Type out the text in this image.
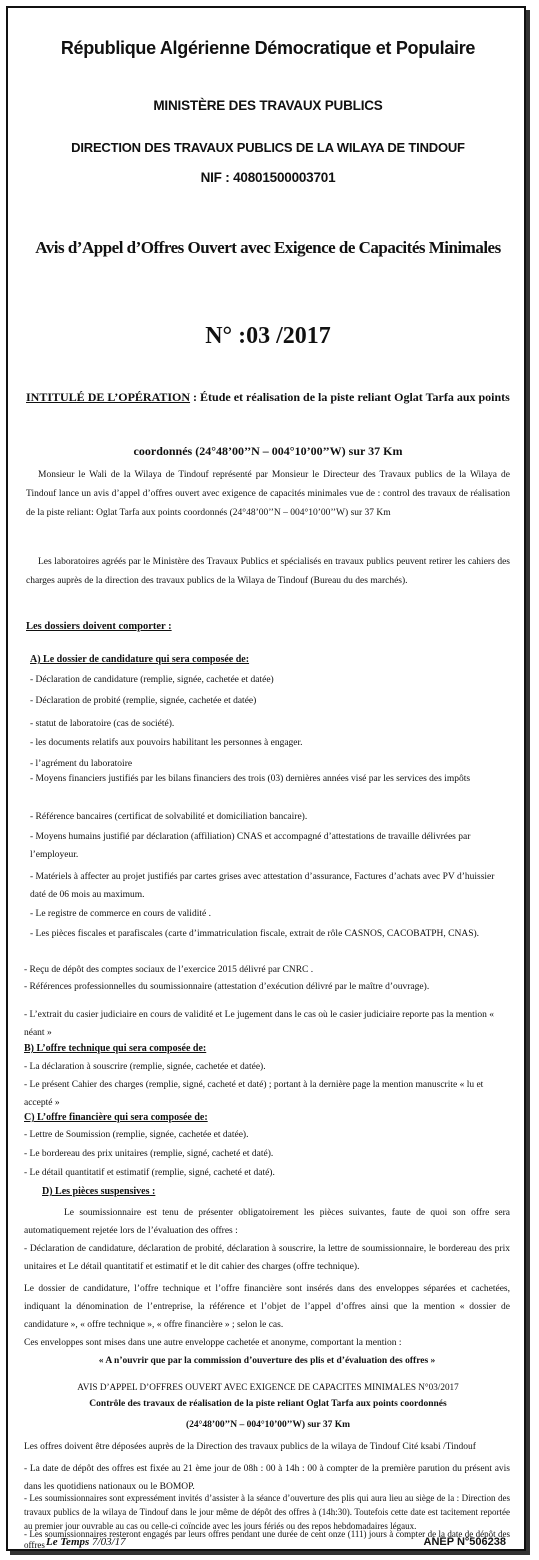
République Algérienne Démocratique et Populaire
MINISTÈRE DES TRAVAUX PUBLICS
DIRECTION DES TRAVAUX PUBLICS DE LA WILAYA DE TINDOUF
NIF : 40801500003701
Avis d’Appel d’Offres Ouvert avec Exigence de Capacités Minimales
N° :03 /2017
INTITULÉ DE L’OPÉRATION : Étude et réalisation de la piste reliant Oglat Tarfa aux points
coordonnés (24°48’00’’N – 004°10’00’’W) sur 37 Km
Monsieur le Wali de la Wilaya de Tindouf représenté par Monsieur le Directeur des Travaux publics de la Wilaya de Tindouf lance un avis d’appel d’offres ouvert avec exigence de capacités minimales vue de : control des travaux de réalisation de la piste reliant: Oglat Tarfa aux points coordonnés (24°48’00’’N – 004°10’00’’W) sur 37 Km
Les laboratoires agréés par le Ministère des Travaux Publics et spécialisés en travaux publics peuvent retirer les cahiers des charges auprès de la direction des travaux publics de la Wilaya de Tindouf (Bureau du des marchés).
Les dossiers doivent comporter :
A) Le dossier de candidature qui sera composée de:
- Déclaration de candidature (remplie, signée, cachetée et datée)
- Déclaration de probité (remplie, signée, cachetée et datée)
- statut de laboratoire (cas de société).
- les documents relatifs aux pouvoirs habilitant les personnes à engager.
- l’agrément du laboratoire
- Moyens financiers justifiés par les bilans financiers des trois (03) dernières années visé par les services des impôts
- Référence bancaires (certificat de solvabilité et domiciliation bancaire).
- Moyens humains justifié par déclaration (affiliation) CNAS et accompagné d’attestations de travaille délivrées par l’employeur.
- Matériels à affecter au projet justifiés par cartes grises avec attestation d’assurance, Factures d’achats avec PV d’huissier daté de 06 mois au maximum.
- Le registre de commerce en cours de validité .
- Les pièces fiscales et parafiscales (carte d’immatriculation fiscale, extrait de rôle CASNOS, CACOBATPH, CNAS).
- Reçu de dépôt des comptes sociaux de l’exercice 2015 délivré par CNRC .
- Références professionnelles du soumissionnaire (attestation d’exécution délivré par le maître d’ouvrage).
- L’extrait du casier judiciaire en cours de validité et Le jugement dans le cas où le casier judiciaire reporte pas la mention « néant »
B) L’offre technique qui sera composée de:
- La déclaration à souscrire (remplie, signée, cachetée et datée).
- Le présent Cahier des charges (remplie, signé, cacheté et daté) ; portant à la dernière page la mention manuscrite « lu et accepté »
C) L’offre financière qui sera composée de:
- Lettre de Soumission (remplie, signée, cachetée et datée).
- Le bordereau des prix unitaires (remplie, signé, cacheté et daté).
- Le détail quantitatif et estimatif (remplie, signé, cacheté et daté).
D) Les pièces suspensives :
Le soumissionnaire est tenu de présenter obligatoirement les pièces suivantes, faute de quoi son offre sera automatiquement rejetée lors de l’évaluation des offres :
- Déclaration de candidature, déclaration de probité, déclaration à souscrire, la lettre de soumissionnaire, le bordereau des prix unitaires et Le détail quantitatif et estimatif et le dit cahier des charges (offre technique).
Le dossier de candidature, l’offre technique et l’offre financière sont insérés dans des enveloppes séparées et cachetées, indiquant la dénomination de l’entreprise, la référence et l’objet de l’appel d’offres ainsi que la mention « dossier de candidature », « offre technique », « offre financière » ; selon le cas.
Ces enveloppes sont mises dans une autre enveloppe cachetée et anonyme, comportant la mention :
« A n’ouvrir que par la commission d’ouverture des plis et d’évaluation des offres »
AVIS D’APPEL D’OFFRES OUVERT AVEC EXIGENCE DE CAPACITES MINIMALES N°03/2017
Contrôle des travaux de réalisation de la piste reliant Oglat Tarfa aux points coordonnés
(24°48’00’’N – 004°10’00’’W) sur 37 Km
Les offres doivent être déposées auprès de la Direction des travaux publics de la wilaya de Tindouf Cité ksabi /Tindouf
- La date de dépôt des offres est fixée au 21 ème jour de 08h : 00 à 14h : 00 à compter de la première parution du présent avis dans les quotidiens nationaux ou le BOMOP.
- Les soumissionnaires sont expressément invités d’assister à la séance d’ouverture des plis qui aura lieu au siège de la : Direction des travaux publics de la wilaya de Tindouf dans le jour même de dépôt des offres à (14h:30). Toutefois cette date est tacitement reportée au premier jour ouvrable au cas ou celle-ci coïncide avec les jours fériés ou des repos hebdomadaires légaux.
- Les soumissionnaires resteront engagés par leurs offres pendant une durée de cent onze (111) jours à compter de la date de dépôt des offres Le Temps 7/03/17	ANEP N°506238
